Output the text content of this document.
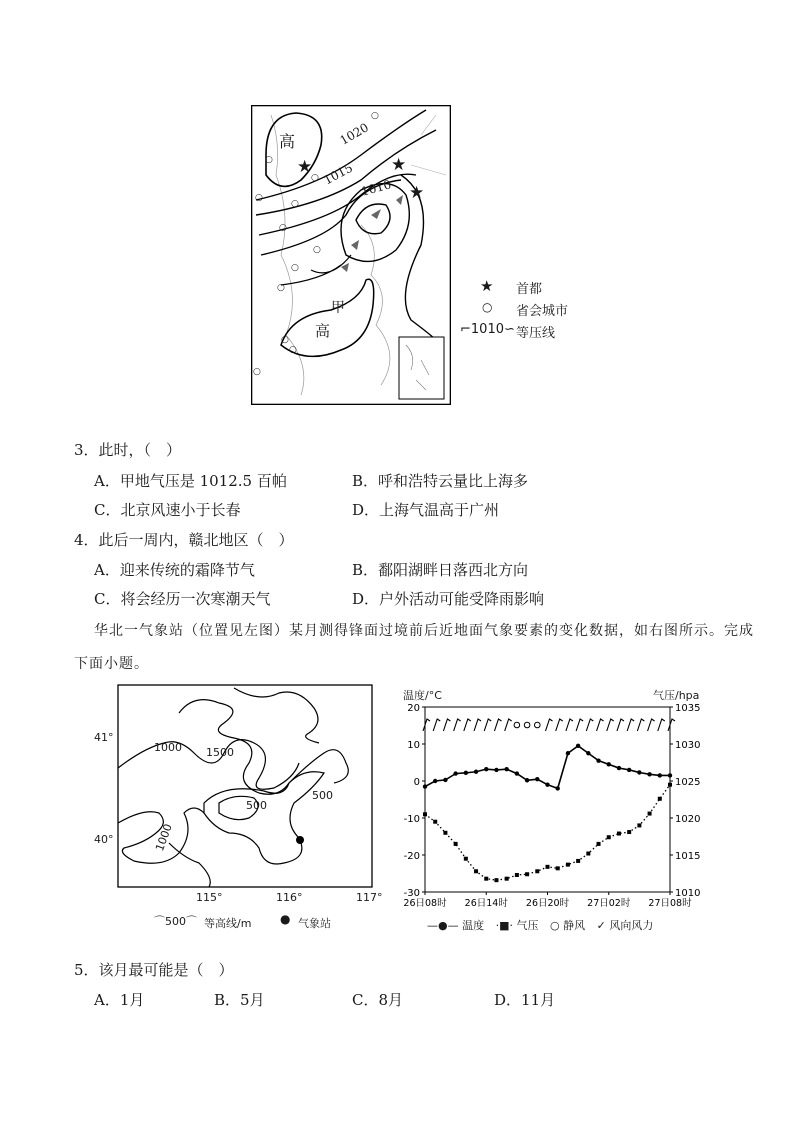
高
甲
高
1020
1015
1010
★	★
★
○
○
○
○
○
○
○
○
○
○
○
○
★ 首都
○ 省会城市
⌐1010∽ 等压线
3．此时，（　）
A．甲地气压是 1012.5 百帕	B．呼和浩特云量比上海多
C．北京风速小于长春	D．上海气温高于广州
4．此后一周内，赣北地区（　）
A．迎来传统的霜降节气	B．鄱阳湖畔日落西北方向
C．将会经历一次寒潮天气	D．户外活动可能受降雨影响
华北一气象站（位置见左图）某月测得锋面过境前后近地面气象要素的变化数据，如右图所示。完成
下面小题。
41°
40°
115°	116°	117°
1000 1500
500
500
1000
⌒500⌒ 等高线/m ● 气象站
20
10
0
-10
-20
-30
1035
1030
1025
1020
1015
1010
26日08时 26日14时 26日20时 27日02时 27日08时
温度/°C	气压/hpa
—●— 温度 ·■· 气压 ○ 静风 ✓ 风向风力
5．该月最可能是（　）
A．1月	B．5月	C．8月	D．11月
